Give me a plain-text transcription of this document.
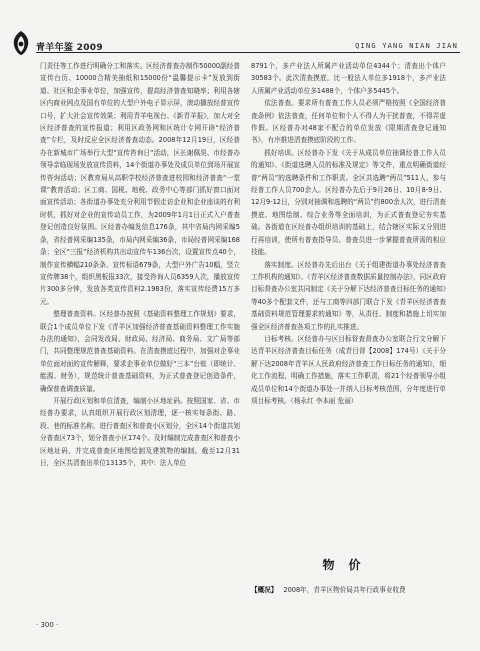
青羊年鉴 2009	QING YANG NIAN JIAN

门责任等工作进行明确分工和落实。区经济普查办制作50000副经普宣传台历、10000合精美抽纸和15000份“温馨提示卡”发放到街道、社区和企事业单位，加强宣传，提高经济普查知晓率；利用各辖区内商业网点及国有单位的大型户外电子显示屏，滚动播放经普宣传口号，扩大社会宣传效果；利用青羊电视台、《新青羊报》，加大对全区经济普查的宣传报道；利用区政务网和区统计专网开辟“经济普查”专栏，及时反应全区经济普查动态。2008年12月19日，区经普办在新城市广场举行大型“宣传咨询日”活动，区长谢佩昊、市经普办领导亲临现场发放宣传资料，14个街道办事处及成员单位到场开展宣传咨询活动；区教育局从高职学校经济普查进校园和经济普查“一堂课”教育活动；区工商、国税、地税、政务中心等部门抓好窗口面对面宣传活动；各街道办事处充分利用节假走访企业和企业座谈的有利时机，抓好对企业的宣传动员工作，为2009年1月1日正式入户普查登记创造良好氛围。区经普办编发信息176条，其中省局内网采编5条，省经普网采编135条，市局内网采编36条，市局经普网采编168条；全区“三报”经济机构共出动宣传车136台次，设置宣传点40个，制作宣传横幅210条条、宣传标语679条，大型户外广告10幅，竖立宣传牌38个，组织黑板报33次，接受咨询人员6359人次，播放宣传片300多分钟，发放各类宣传资料2.1983份，落实宣传经费15万多元。

整理普查资料。区经普办按照《基础资料整理工作规划》要求，联合1个成员单位下发《青羊区加强经济普查基础资料整理工作实施办法的通知》，会同发改局、财政局、经济局、商务局、文广局等部门，共同整理规范普查基础资料。在清查摸底过程中，加强对企事业单位面对面的宣传解释，要求企事业单位做好“三本”台账（即统计、能源、财务），规范统计普查基础资料，为正式普查登记创造条件，确保普查调查质量。

开展行政区划和单位清查，编制小区地址码。按照国家、省、市经普办要求，认真组织开展行政区划清理，逐一核实每条街、路、段、巷的标准名称，进行普查区和普查小区划分，全区14个街道共划分普查区73个，划分普查小区174个。及时编制完成普查区和普查小区地址码，并完成普查区地图绘制及建筑物的编制。截至12月31日，全区共清查出单位13135个，其中：法人单位

8791个，多产业法人所属产业活动单位4344个；清查出个体户30583个。此次清查摸底，比一般法人单位多1918个，多产业法人所属产业活动单位多1488个，个体户多5445个。

依法普查。要求所有普查工作人员必须严格按照《全国经济普查条例》依法普查，任何单位和个人不得人为干扰普查，不得弄虚作假。区经普办对48家不配合的单位发放《限期清查登记通知书》，有序推进清查摸底阶段的工作。

抓好培训。区经普办下发《关于从成员单位抽调经普工作人员的通知》、《街道选聘人员的标准及规定》等文件，重点明确街道经普“两员”的选聘条件和工作职责。全区共选聘“两员”511人，参与经普工作人员700余人。区经普办先后于9月26日、10月8-9日、12月9-12日，分别对抽调和选聘的“两员”约800余人次，进行清查摸底、地图绘制、综合业务等全面培训，为正式普查登记夯实基础。各街道在区经普办组织培训的基础上，结合辖区实际又分别进行再培训，使所有普查指导员、普查员进一步掌握普查所需的相应技能。

落实制度。区经普办先后出台《关于组建街道办事处经济普查工作机构的通知》、《青羊区经济普查数据质量控制办法》，同区政府目标督查办公室共同制定《关于分解下达经济普查目标任务的通知》等40多个配套文件，还与工商等四部门联合下发《青羊区经济普查基础资料规范管理要求的通知》等，从责任、制度和措施上切实加强全区经济普查各项工作的扎实推进。

目标考核。区经普办与区目标督查督查办公室联合行文分解下达青羊区经济普查目标任务（成青目督【2008】174号）《关于分解下达2008年青羊区人民政府经济普查工作目标任务的通知》，细化工作流程，明确工作措施，落实工作职责，将21个经普领导小组成员单位和14个街道办事处一并纳入目标考核范围，分年度进行单项目标考核。（杨永红 李本丽 危丽）

物价
【概况】 2008年，青羊区物价局共年行政事业收费
· 300 ·
